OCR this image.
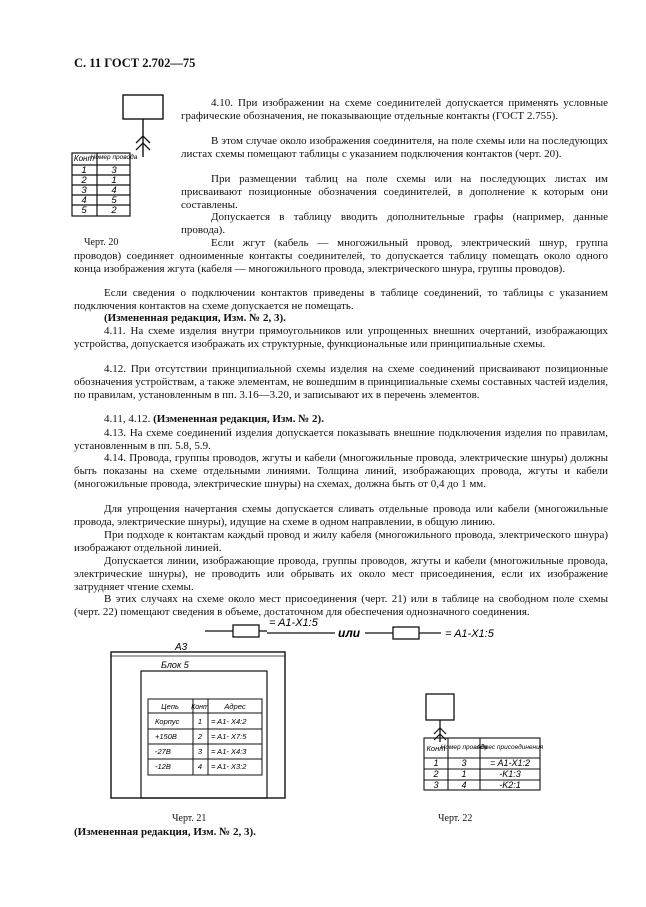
С. 11 ГОСТ 2.702—75
Конт
Номер провода
1	3
2	1
3	4
4	5
5	2
Черт. 20
4.10. При изображении на схеме соединителей допускается применять условные графические обозначения, не показывающие отдельные контакты (ГОСТ 2.755).
В этом случае около изображения соединителя, на поле схемы или на последующих листах схемы помещают таблицы с указанием подключения контактов (черт. 20).
При размещении таблиц на поле схемы или на последующих листах им присваивают позиционные обозначения соединителей, в дополнение к которым они составлены.
Допускается в таблицу вводить дополнительные графы (например, данные провода).
Если жгут (кабель — многожильный провод, электрический шнур, группа проводов) соединяет одноименные контакты соединителей, то допускается таблицу помещать около одного конца изображения жгута (кабеля — многожильного провода, электрического шнура, группы проводов).
Если сведения о подключении контактов приведены в таблице соединений, то таблицы с указанием подключения контактов на схеме допускается не помещать.
(Измененная редакция, Изм. № 2, 3).
4.11. На схеме изделия внутри прямоугольников или упрощенных внешних очертаний, изображающих устройства, допускается изображать их структурные, функциональные или принципиальные схемы.
4.12. При отсутствии принципиальной схемы изделия на схеме соединений присваивают позиционные обозначения устройствам, а также элементам, не вошедшим в принципиальные схемы составных частей изделия, по правилам, установленным в пп. 3.16—3.20, и записывают их в перечень элементов.
4.11, 4.12. (Измененная редакция, Изм. № 2).
4.13. На схеме соединений изделия допускается показывать внешние подключения изделия по правилам, установленным в пп. 5.8, 5.9.
4.14. Провода, группы проводов, жгуты и кабели (многожильные провода, электрические шнуры) должны быть показаны на схеме отдельными линиями. Толщина линий, изображающих провода, жгуты и кабели (многожильные провода, электрические шнуры) на схемах, должна быть от 0,4 до 1 мм.
Для упрощения начертания схемы допускается сливать отдельные провода или кабели (многожильные провода, электрические шнуры), идущие на схеме в одном направлении, в общую линию.
При подходе к контактам каждый провод и жилу кабеля (многожильного провода, электрического шнура) изображают отдельной линией.
Допускается линии, изображающие провода, группы проводов, жгуты и кабели (многожильные провода, электрические шнуры), не проводить или обрывать их около мест присоединения, если их изображение затрудняет чтение схемы.
В этих случаях на схеме около мест присоединения (черт. 21) или в таблице на свободном поле схемы (черт. 22) помещают сведения в объеме, достаточном для обеспечения однозначного соединения.
= A1-X1:5
или	= A1-X1:5
А3
Блок 5
Цепь Конт Адрес
Корпус 1 = A1- X4:2
+150В	2 = A1- X7:5
-27В	3 = A1- X4:3
-12В	4 = A1- X3:2
Черт. 21
Конт
Номер провода
Адрес присоединения
1	3	= A1-X1:2
2	1	-K1:3
3	4	-K2:1
Черт. 22
(Измененная редакция, Изм. № 2, 3).
